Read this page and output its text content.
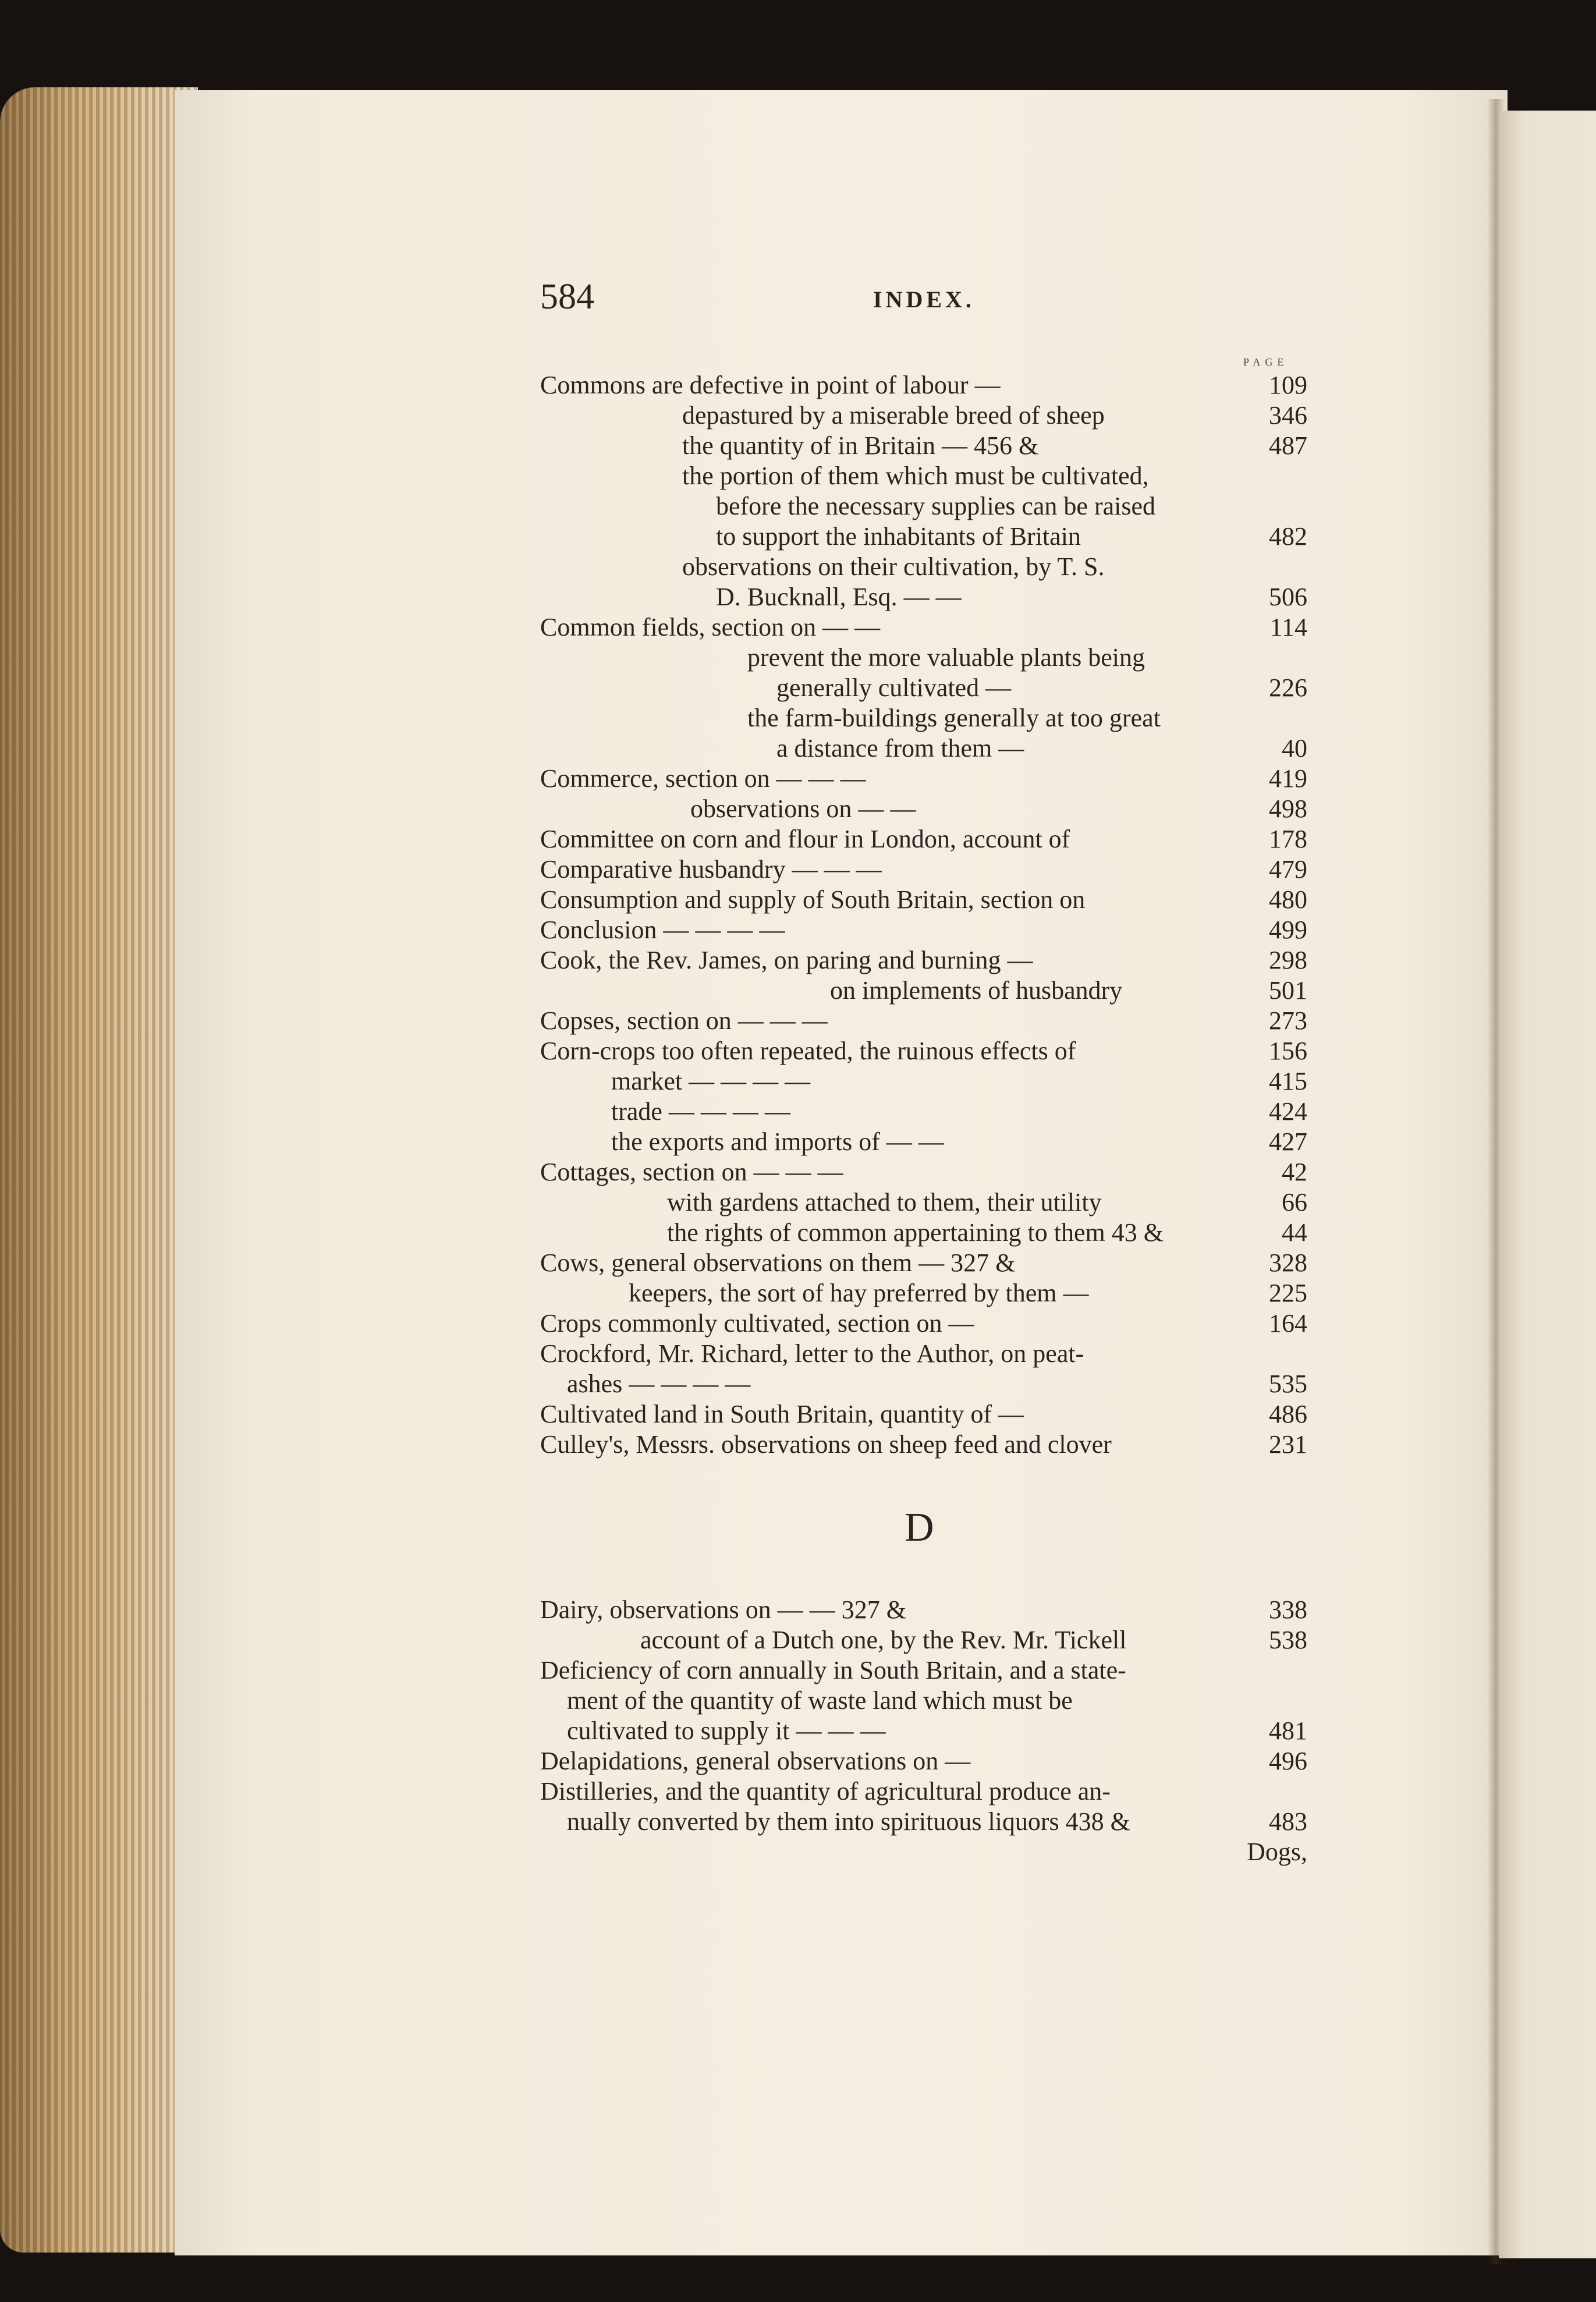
584	INDEX.
PAGE
Commons are defective in point of labour —	109
depastured by a miserable breed of sheep	346
the quantity of in Britain — 456 &	487
the portion of them which must be cultivated,
before the necessary supplies can be raised
to support the inhabitants of Britain	482
observations on their cultivation, by T. S.
D. Bucknall, Esq. — —	506
Common fields, section on — —	114
prevent the more valuable plants being
generally cultivated —	226
the farm-buildings generally at too great
a distance from them —	40
Commerce, section on — — —	419
observations on — —	498
Committee on corn and flour in London, account of	178
Comparative husbandry — — —	479
Consumption and supply of South Britain, section on	480
Conclusion — — — —	499
Cook, the Rev. James, on paring and burning —	298
on implements of husbandry	501
Copses, section on — — —	273
Corn-crops too often repeated, the ruinous effects of	156
market — — — —	415
trade — — — —	424
the exports and imports of — —	427
Cottages, section on — — —	42
with gardens attached to them, their utility	66
the rights of common appertaining to them 43 &	44
Cows, general observations on them — 327 &	328
keepers, the sort of hay preferred by them —	225
Crops commonly cultivated, section on —	164
Crockford, Mr. Richard, letter to the Author, on peat-
ashes — — — —	535
Cultivated land in South Britain, quantity of —	486
Culley's, Messrs. observations on sheep feed and clover	231
D
Dairy, observations on — — 327 &	338
account of a Dutch one, by the Rev. Mr. Tickell	538
Deficiency of corn annually in South Britain, and a state-
ment of the quantity of waste land which must be
cultivated to supply it — — —	481
Delapidations, general observations on —	496
Distilleries, and the quantity of agricultural produce an-
nually converted by them into spirituous liquors 438 &	483
Dogs,
